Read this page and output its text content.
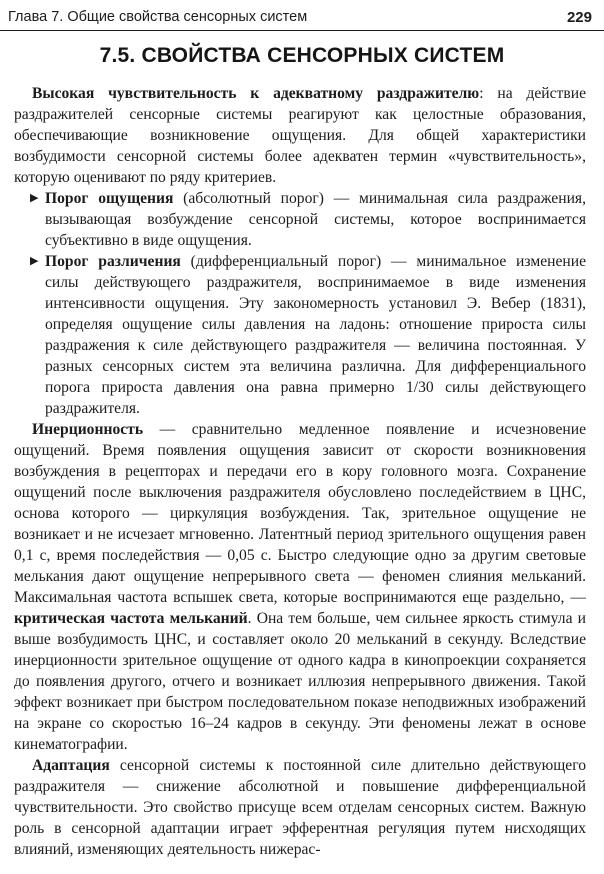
Глава 7. Общие свойства сенсорных систем	229
7.5. СВОЙСТВА СЕНСОРНЫХ СИСТЕМ

Высокая чувствительность к адекватному раздражителю: на действие раздражителей сенсорные системы реагируют как целостные образования, обеспечивающие возникновение ощущения. Для общей характеристики возбудимости сенсорной системы более адекватен термин «чувствительность», которую оценивают по ряду критериев.

▶ Порог ощущения (абсолютный порог) — минимальная сила раздражения, вызывающая возбуждение сенсорной системы, которое воспринимается субъективно в виде ощущения.
▶ Порог различения (дифференциальный порог) — минимальное изменение силы действующего раздражителя, воспринимаемое в виде изменения интенсивности ощущения. Эту закономерность установил Э. Вебер (1831), определяя ощущение силы давления на ладонь: отношение прироста силы раздражения к силе действующего раздражителя — величина постоянная. У разных сенсорных систем эта величина различна. Для дифференциального порога прироста давления она равна примерно 1/30 силы действующего раздражителя.

Инерционность — сравнительно медленное появление и исчезновение ощущений. Время появления ощущения зависит от скорости возникновения возбуждения в рецепторах и передачи его в кору головного мозга. Сохранение ощущений после выключения раздражителя обусловлено последействием в ЦНС, основа которого — циркуляция возбуждения. Так, зрительное ощущение не возникает и не исчезает мгновенно. Латентный период зрительного ощущения равен 0,1 с, время последействия — 0,05 с. Быстро следующие одно за другим световые мелькания дают ощущение непрерывного света — феномен слияния мельканий. Максимальная частота вспышек света, которые воспринимаются еще раздельно, — критическая частота мельканий. Она тем больше, чем сильнее яркость стимула и выше возбудимость ЦНС, и составляет около 20 мельканий в секунду. Вследствие инерционности зрительное ощущение от одного кадра в кинопроекции сохраняется до появления другого, отчего и возникает иллюзия непрерывного движения. Такой эффект возникает при быстром последовательном показе неподвижных изображений на экране со скоростью 16–24 кадров в секунду. Эти феномены лежат в основе кинематографии.

Адаптация сенсорной системы к постоянной силе длительно действующего раздражителя — снижение абсолютной и повышение дифференциальной чувствительности. Это свойство присуще всем отделам сенсорных систем. Важную роль в сенсорной адаптации играет эфферентная регуляция путем нисходящих влияний, изменяющих деятельность нижерас-
